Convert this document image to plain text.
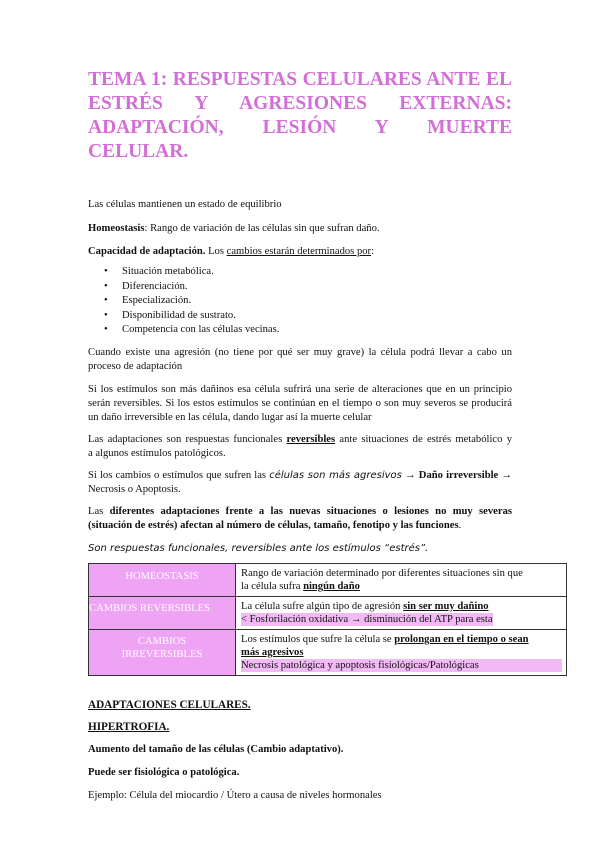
TEMA 1: RESPUESTAS CELULARES ANTE EL
ESTRÉS Y AGRESIONES EXTERNAS:
ADAPTACIÓN, LESIÓN Y MUERTE CELULAR.

Las células mantienen un estado de equilibrio

Homeostasis: Rango de variación de las células sin que sufran daño.

Capacidad de adaptación. Los cambios estarán determinados por:

• Situación metabólica.
• Diferenciación.
• Especialización.
• Disponibilidad de sustrato.
• Competencia con las células vecinas.

Cuando existe una agresión (no tiene por qué ser muy grave) la célula podrá llevar a cabo un
proceso de adaptación

Si los estímulos son más dañinos esa célula sufrirá una serie de alteraciones que en un principio
serán reversibles. Si los estos estímulos se continúan en el tiempo o son muy severos se producirá
un daño irreversible en las célula, dando lugar así la muerte celular

Las adaptaciones son respuestas funcionales reversibles ante situaciones de estrés metabólico y
a algunos estímulos patológicos.

Si los cambios o estímulos que sufren las células son más agresivos → Daño irreversible →
Necrosis o Apoptosis.

Las diferentes adaptaciones frente a las nuevas situaciones o lesiones no muy severas
(situación de estrés) afectan al número de células, tamaño, fenotipo y las funciones.

Son respuestas funcionales, reversibles ante los estímulos “estrés”.

HOMEOSTASIS	Rango de variación determinado por diferentes situaciones sin que
la célula sufra ningún daño

CAMBIOS REVERSIBLES	La célula sufre algún tipo de agresión sin ser muy dañino
< Fosforilación oxidativa → disminución del ATP para esta

CAMBIOS
IRREVERSIBLES	Los estímulos que sufre la célula se prolongan en el tiempo o sean
más agresivos
Necrosis patológica y apoptosis fisiológicas/Patológicas

ADAPTACIONES CELULARES.

HIPERTROFIA.

Aumento del tamaño de las células (Cambio adaptativo).

Puede ser fisiológica o patológica.

Ejemplo: Célula del miocardio / Útero a causa de niveles hormonales
